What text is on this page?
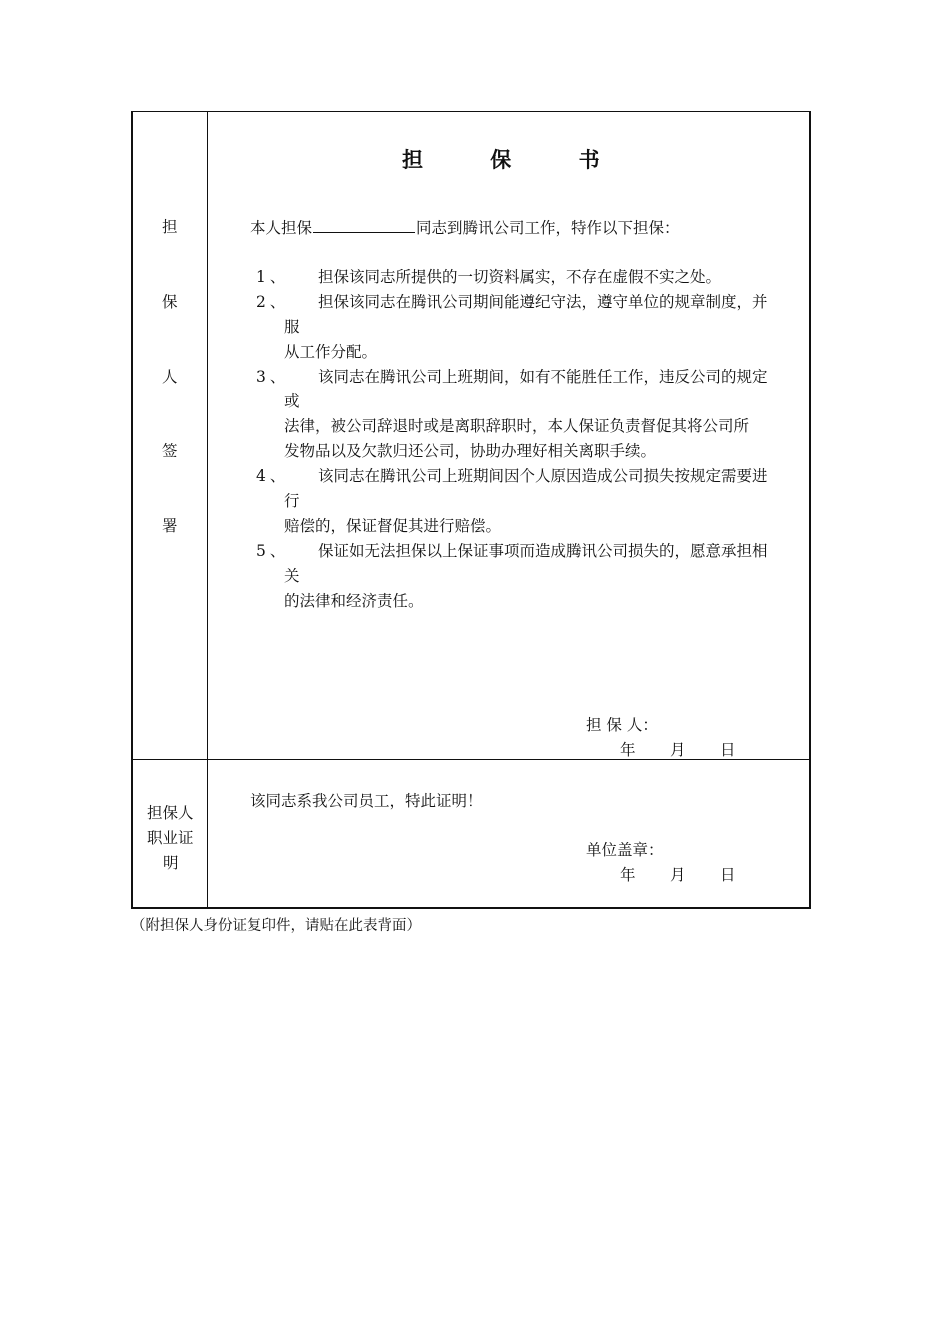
担 保 书
担
保
人
签
署
本人担保	同志到腾讯公司工作，特作以下担保：
1、 担保该同志所提供的一切资料属实，不存在虚假不实之处。
2、 担保该同志在腾讯公司期间能遵纪守法，遵守单位的规章制度，并
服
从工作分配。
3、 该同志在腾讯公司上班期间，如有不能胜任工作，违反公司的规定
或
法律，被公司辞退时或是离职辞职时，本人保证负责督促其将公司所
发物品以及欠款归还公司，协助办理好相关离职手续。
4、 该同志在腾讯公司上班期间因个人原因造成公司损失按规定需要进
行
赔偿的，保证督促其进行赔偿。
5、 保证如无法担保以上保证事项而造成腾讯公司损失的，愿意承担相
关
的法律和经济责任。
担 保 人：
年 月 日
担保人
职业证
明
该同志系我公司员工，特此证明！
单位盖章：
年 月 日
（附担保人身份证复印件，请贴在此表背面）
